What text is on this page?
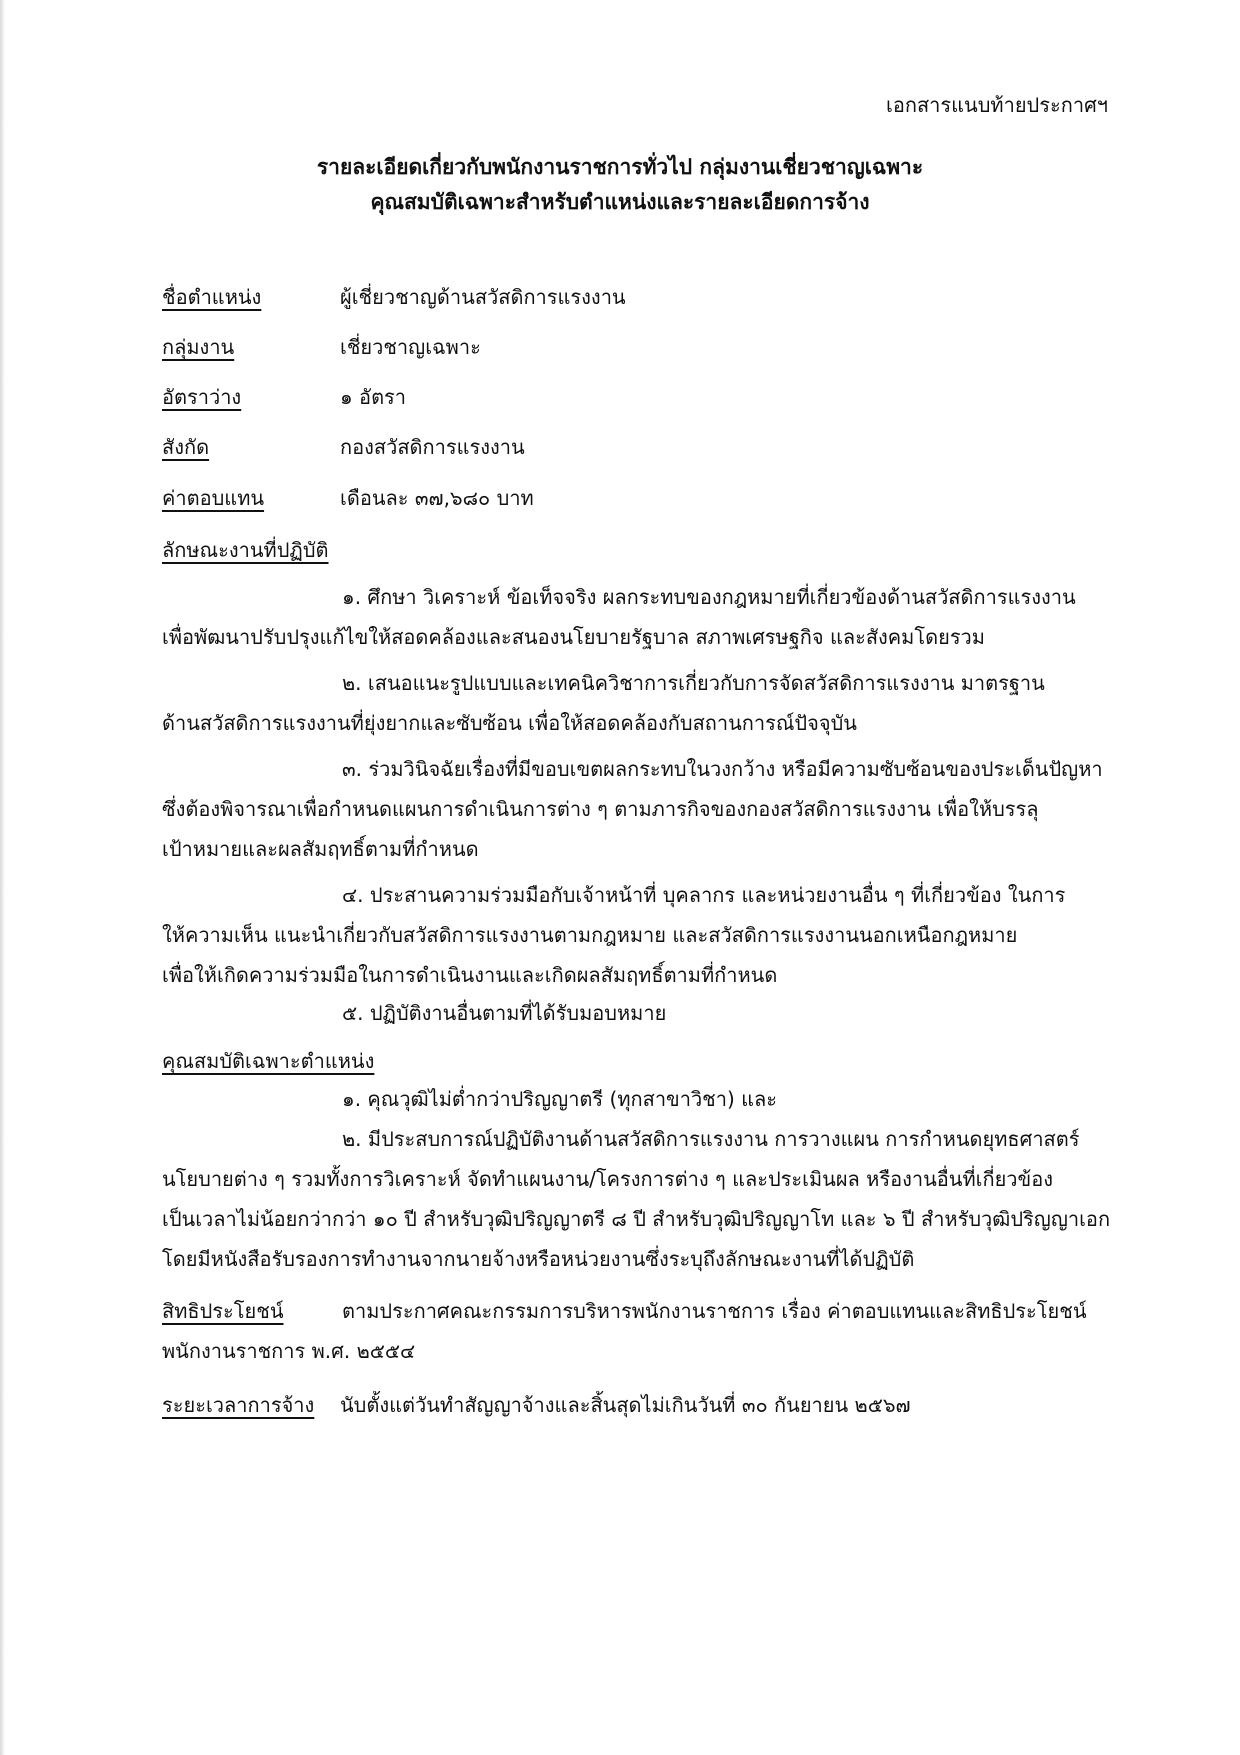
เอกสารแนบท้ายประกาศฯ
รายละเอียดเกี่ยวกับพนักงานราชการทั่วไป กลุ่มงานเชี่ยวชาญเฉพาะ
คุณสมบัติเฉพาะสำหรับตำแหน่งและรายละเอียดการจ้าง
ชื่อตำแหน่ง	ผู้เชี่ยวชาญด้านสวัสดิการแรงงาน
กลุ่มงาน	เชี่ยวชาญเฉพาะ
อัตราว่าง	๑ อัตรา
สังกัด	กองสวัสดิการแรงงาน
ค่าตอบแทน	เดือนละ ๓๗,๖๘๐ บาท
ลักษณะงานที่ปฏิบัติ
๑. ศึกษา วิเคราะห์ ข้อเท็จจริง ผลกระทบของกฎหมายที่เกี่ยวข้องด้านสวัสดิการแรงงาน
เพื่อพัฒนาปรับปรุงแก้ไขให้สอดคล้องและสนองนโยบายรัฐบาล สภาพเศรษฐกิจ และสังคมโดยรวม
๒. เสนอแนะรูปแบบและเทคนิควิชาการเกี่ยวกับการจัดสวัสดิการแรงงาน มาตรฐาน
ด้านสวัสดิการแรงงานที่ยุ่งยากและซับซ้อน เพื่อให้สอดคล้องกับสถานการณ์ปัจจุบัน
๓. ร่วมวินิจฉัยเรื่องที่มีขอบเขตผลกระทบในวงกว้าง หรือมีความซับซ้อนของประเด็นปัญหา
ซึ่งต้องพิจารณาเพื่อกำหนดแผนการดำเนินการต่าง ๆ ตามภารกิจของกองสวัสดิการแรงงาน เพื่อให้บรรลุ
เป้าหมายและผลสัมฤทธิ์ตามที่กำหนด
๔. ประสานความร่วมมือกับเจ้าหน้าที่ บุคลากร และหน่วยงานอื่น ๆ ที่เกี่ยวข้อง ในการ
ให้ความเห็น แนะนำเกี่ยวกับสวัสดิการแรงงานตามกฎหมาย และสวัสดิการแรงงานนอกเหนือกฎหมาย
เพื่อให้เกิดความร่วมมือในการดำเนินงานและเกิดผลสัมฤทธิ์ตามที่กำหนด
๕. ปฏิบัติงานอื่นตามที่ได้รับมอบหมาย
คุณสมบัติเฉพาะตำแหน่ง
๑. คุณวุฒิไม่ต่ำกว่าปริญญาตรี (ทุกสาขาวิชา) และ
๒. มีประสบการณ์ปฏิบัติงานด้านสวัสดิการแรงงาน การวางแผน การกำหนดยุทธศาสตร์
นโยบายต่าง ๆ รวมทั้งการวิเคราะห์ จัดทำแผนงาน/โครงการต่าง ๆ และประเมินผล หรืองานอื่นที่เกี่ยวข้อง
เป็นเวลาไม่น้อยกว่ากว่า ๑๐ ปี สำหรับวุฒิปริญญาตรี ๘ ปี สำหรับวุฒิปริญญาโท และ ๖ ปี สำหรับวุฒิปริญญาเอก
โดยมีหนังสือรับรองการทำงานจากนายจ้างหรือหน่วยงานซึ่งระบุถึงลักษณะงานที่ได้ปฏิบัติ
สิทธิประโยชน์	ตามประกาศคณะกรรมการบริหารพนักงานราชการ เรื่อง ค่าตอบแทนและสิทธิประโยชน์
พนักงานราชการ พ.ศ. ๒๕๕๔
ระยะเวลาการจ้าง นับตั้งแต่วันทำสัญญาจ้างและสิ้นสุดไม่เกินวันที่ ๓๐ กันยายน ๒๕๖๗
